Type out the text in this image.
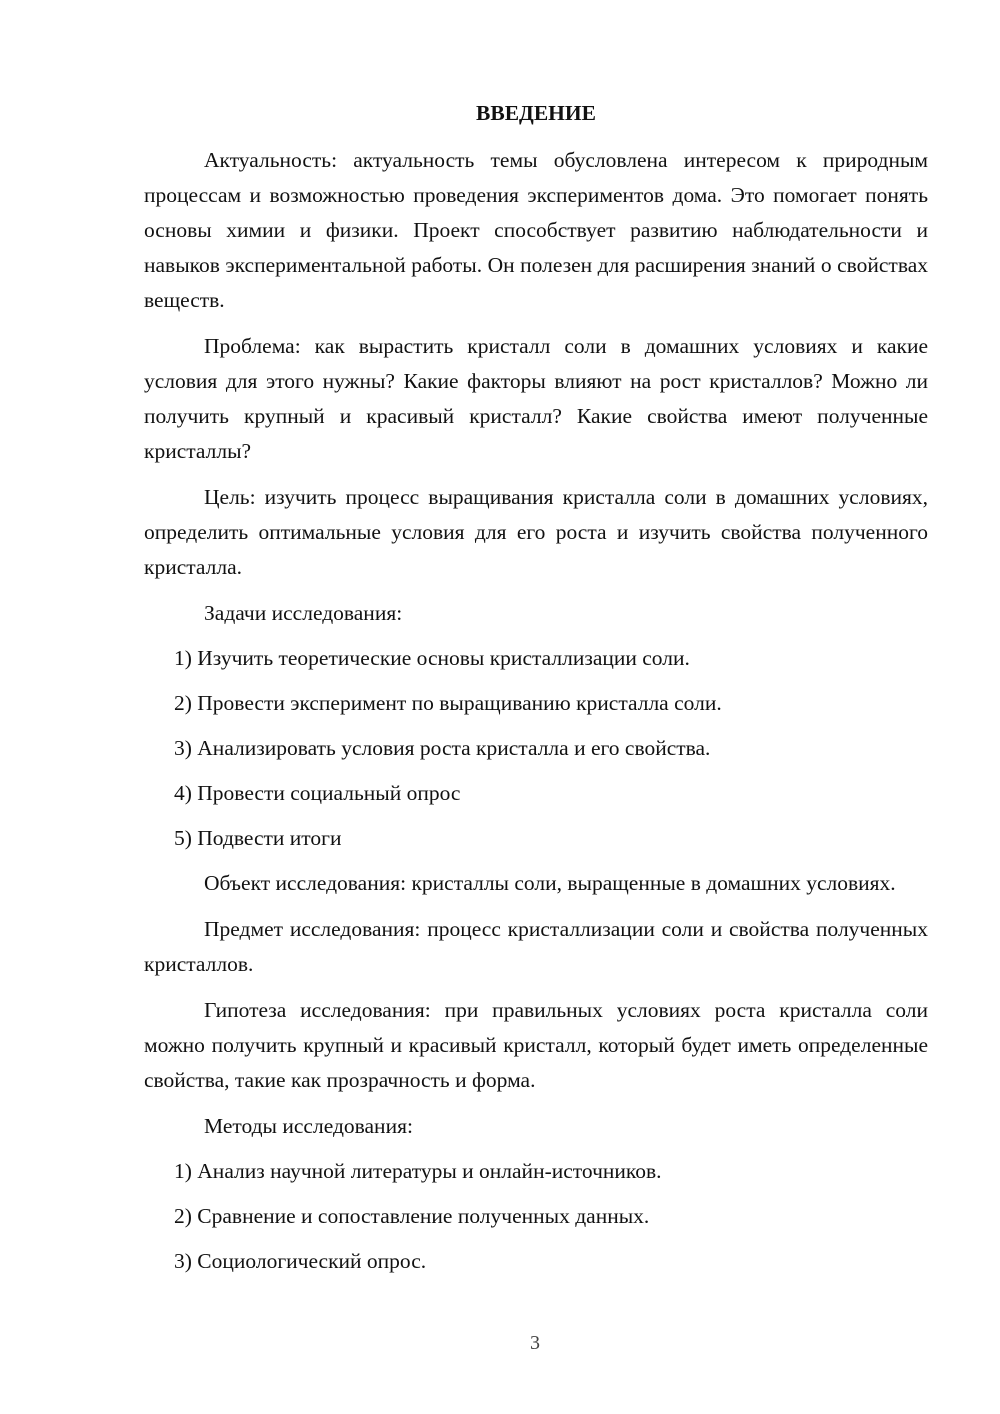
ВВЕДЕНИЕ

Актуальность: актуальность темы обусловлена интересом к природным процессам и возможностью проведения экспериментов дома. Это помогает понять основы химии и физики. Проект способствует развитию наблюдательности и навыков экспериментальной работы. Он полезен для расширения знаний о свойствах веществ.

Проблема: как вырастить кристалл соли в домашних условиях и какие условия для этого нужны? Какие факторы влияют на рост кристаллов? Можно ли получить крупный и красивый кристалл? Какие свойства имеют полученные кристаллы?

Цель: изучить процесс выращивания кристалла соли в домашних условиях, определить оптимальные условия для его роста и изучить свойства полученного кристалла.

Задачи исследования:

1) Изучить теоретические основы кристаллизации соли.

2) Провести эксперимент по выращиванию кристалла соли.

3) Анализировать условия роста кристалла и его свойства.

4) Провести социальный опрос

5) Подвести итоги

Объект исследования: кристаллы соли, выращенные в домашних условиях.

Предмет исследования: процесс кристаллизации соли и свойства полученных кристаллов.

Гипотеза исследования: при правильных условиях роста кристалла соли можно получить крупный и красивый кристалл, который будет иметь определенные свойства, такие как прозрачность и форма.

Методы исследования:

1) Анализ научной литературы и онлайн-источников.

2) Сравнение и сопоставление полученных данных.

3) Социологический опрос.

3
